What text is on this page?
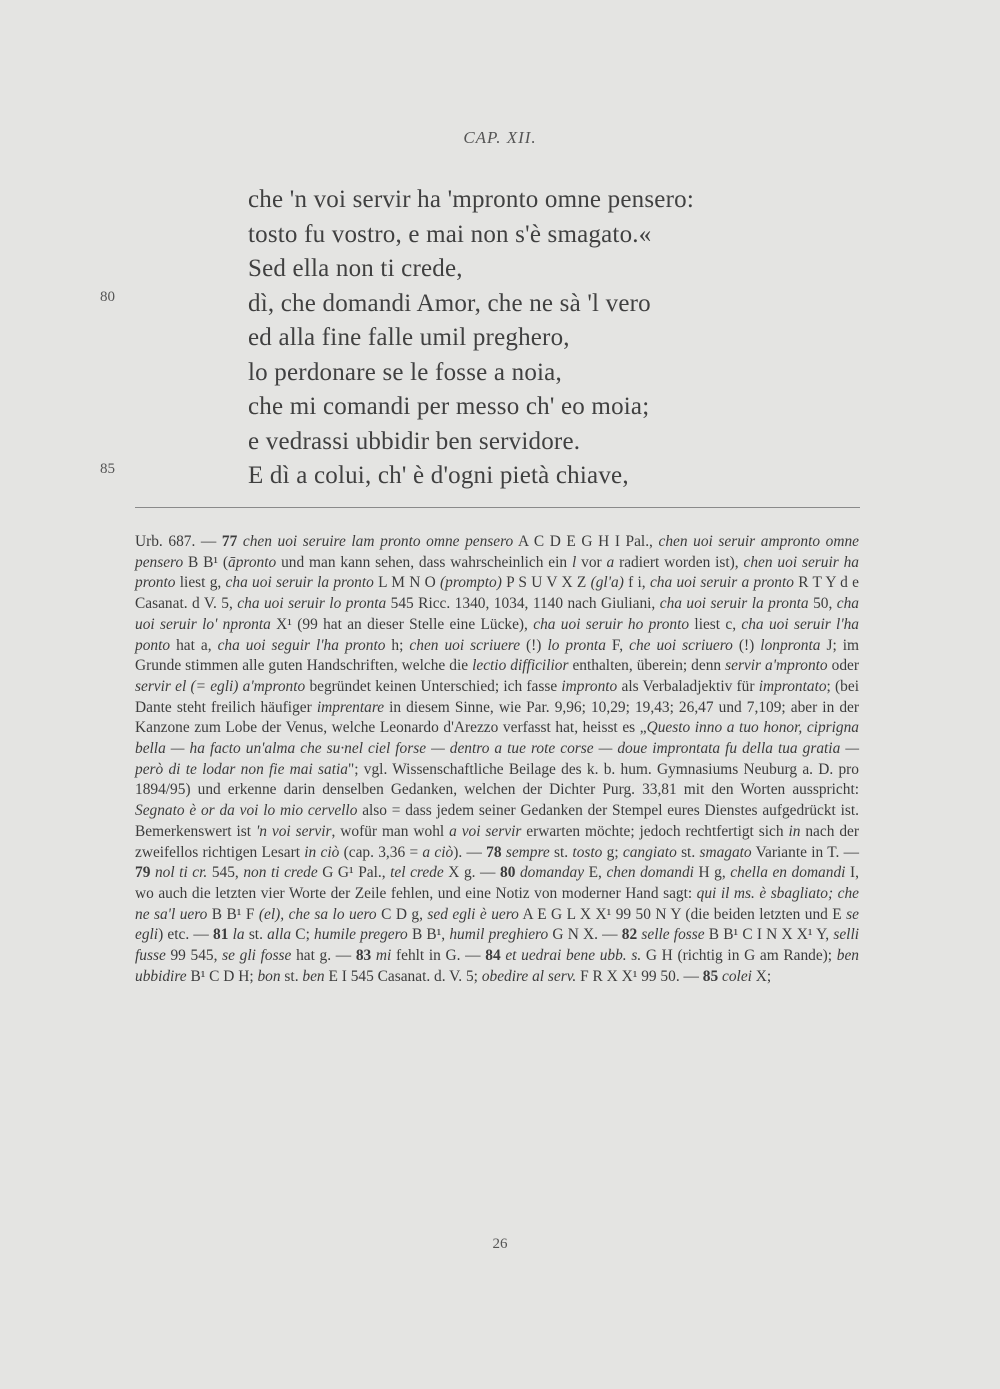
CAP. XII.
che 'n voi servir ha 'mpronto omne pensero:
tosto fu vostro, e mai non s'è smagato.«
Sed ella non ti crede,
dì, che domandi Amor, che ne sà 'l vero
ed alla fine falle umil preghero,
lo perdonare se le fosse a noia,
che mi comandi per messo ch' eo moia;
e vedrassi ubbidir ben servidore.
E dì a colui, ch' è d'ogni pietà chiave,
80
85
Urb. 687. — 77 chen uoi seruire lam pronto omne pensero A C D E G H I Pal., chen uoi seruir ampronto omne pensero B B¹ (āpronto und man kann sehen, dass wahrscheinlich ein l vor a radiert worden ist), chen uoi seruir ha pronto liest g, cha uoi seruir la pronto L M N O (prompto) P S U V X Z (gl'a) f i, cha uoi seruir a pronto R T Y d e Casanat. d V. 5, cha uoi seruir lo pronta 545 Ricc. 1340, 1034, 1140 nach Giuliani, cha uoi seruir la pronta 50, cha uoi seruir lo' npronta X¹ (99 hat an dieser Stelle eine Lücke), cha uoi seruir ho pronto liest c, cha uoi seruir l'ha ponto hat a, cha uoi seguir l'ha pronto h; chen uoi scriuere (!) lo pronta F, che uoi scriuero (!) lonpronta J; im Grunde stimmen alle guten Handschriften, welche die lectio difficilior enthalten, überein; denn servir a'mpronto oder servir el (= egli) a'mpronto begründet keinen Unterschied; ich fasse impronto als Verbaladjektiv für improntato; (bei Dante steht freilich häufiger imprentare in diesem Sinne, wie Par. 9,96; 10,29; 19,43; 26,47 und 7,109; aber in der Kanzone zum Lobe der Venus, welche Leonardo d'Arezzo verfasst hat, heisst es „Questo inno a tuo honor, ciprigna bella — ha facto un'alma che su·nel ciel forse — dentro a tue rote corse — doue improntata fu della tua gratia — però di te lodar non fie mai satia"; vgl. Wissenschaftliche Beilage des k. b. hum. Gymnasiums Neuburg a. D. pro 1894/95) und erkenne darin denselben Gedanken, welchen der Dichter Purg. 33,81 mit den Worten ausspricht: Segnato è or da voi lo mio cervello also = dass jedem seiner Gedanken der Stempel eures Dienstes aufgedrückt ist. Bemerkenswert ist 'n voi servir, wofür man wohl a voi servir erwarten möchte; jedoch rechtfertigt sich in nach der zweifellos richtigen Lesart in ciò (cap. 3,36 = a ciò). — 78 sempre st. tosto g; cangiato st. smagato Variante in T. — 79 nol ti cr. 545, non ti crede G G¹ Pal., tel crede X g. — 80 domanday E, chen domandi H g, chella en domandi I, wo auch die letzten vier Worte der Zeile fehlen, und eine Notiz von moderner Hand sagt: qui il ms. è sbagliato; che ne sa'l uero B B¹ F (el), che sa lo uero C D g, sed egli è uero A E G L X X¹ 99 50 N Y (die beiden letzten und E se egli) etc. — 81 la st. alla C; humile pregero B B¹, humil preghiero G N X. — 82 selle fosse B B¹ C I N X X¹ Y, selli fusse 99 545, se gli fosse hat g. — 83 mi fehlt in G. — 84 et uedrai bene ubb. s. G H (richtig in G am Rande); ben ubbidire B¹ C D H; bon st. ben E I 545 Casanat. d. V. 5; obedire al serv. F R X X¹ 99 50. — 85 colei X;
26
